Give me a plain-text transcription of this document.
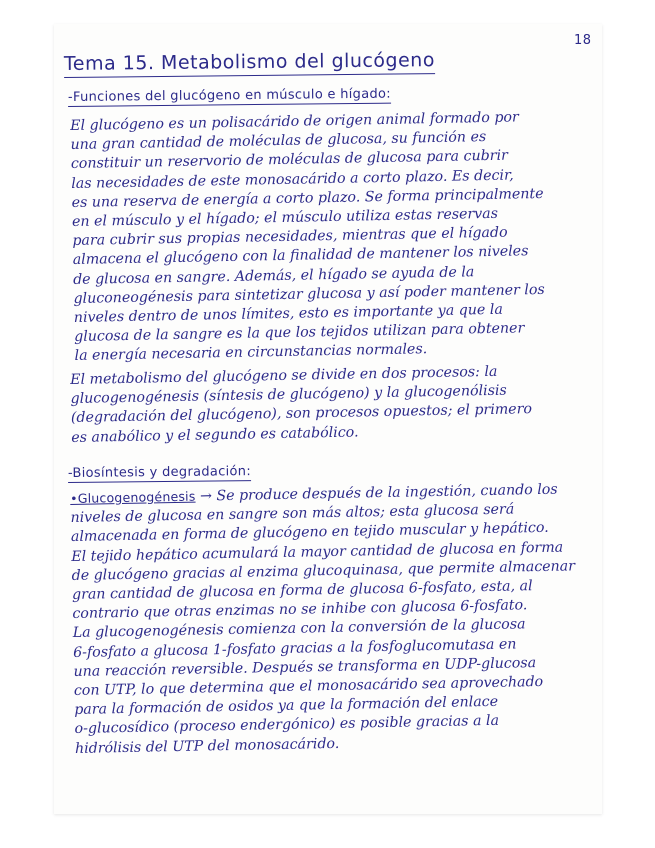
18
Tema 15. Metabolismo del glucógeno
-Funciones del glucógeno en músculo e hígado:
El glucógeno es un polisacárido de origen animal formado por
una gran cantidad de moléculas de glucosa, su función es
constituir un reservorio de moléculas de glucosa para cubrir
las necesidades de este monosacárido a corto plazo. Es decir,
es una reserva de energía a corto plazo. Se forma principalmente
en el músculo y el hígado; el músculo utiliza estas reservas
para cubrir sus propias necesidades, mientras que el hígado
almacena el glucógeno con la finalidad de mantener los niveles
de glucosa en sangre. Además, el hígado se ayuda de la
gluconeogénesis para sintetizar glucosa y así poder mantener los
niveles dentro de unos límites, esto es importante ya que la
glucosa de la sangre es la que los tejidos utilizan para obtener
la energía necesaria en circunstancias normales.
El metabolismo del glucógeno se divide en dos procesos: la
glucogenogénesis (síntesis de glucógeno) y la glucogenólisis
(degradación del glucógeno), son procesos opuestos; el primero
es anabólico y el segundo es catabólico.
-Biosíntesis y degradación:
•Glucogenogénesis → Se produce después de la ingestión, cuando los
niveles de glucosa en sangre son más altos; esta glucosa será
almacenada en forma de glucógeno en tejido muscular y hepático.
El tejido hepático acumulará la mayor cantidad de glucosa en forma
de glucógeno gracias al enzima glucoquinasa, que permite almacenar
gran cantidad de glucosa en forma de glucosa 6-fosfato, esta, al
contrario que otras enzimas no se inhibe con glucosa 6-fosfato.
La glucogenogénesis comienza con la conversión de la glucosa
6-fosfato a glucosa 1-fosfato gracias a la fosfoglucomutasa en
una reacción reversible. Después se transforma en UDP-glucosa
con UTP, lo que determina que el monosacárido sea aprovechado
para la formación de osidos ya que la formación del enlace
o-glucosídico (proceso endergónico) es posible gracias a la
hidrólisis del UTP del monosacárido.
